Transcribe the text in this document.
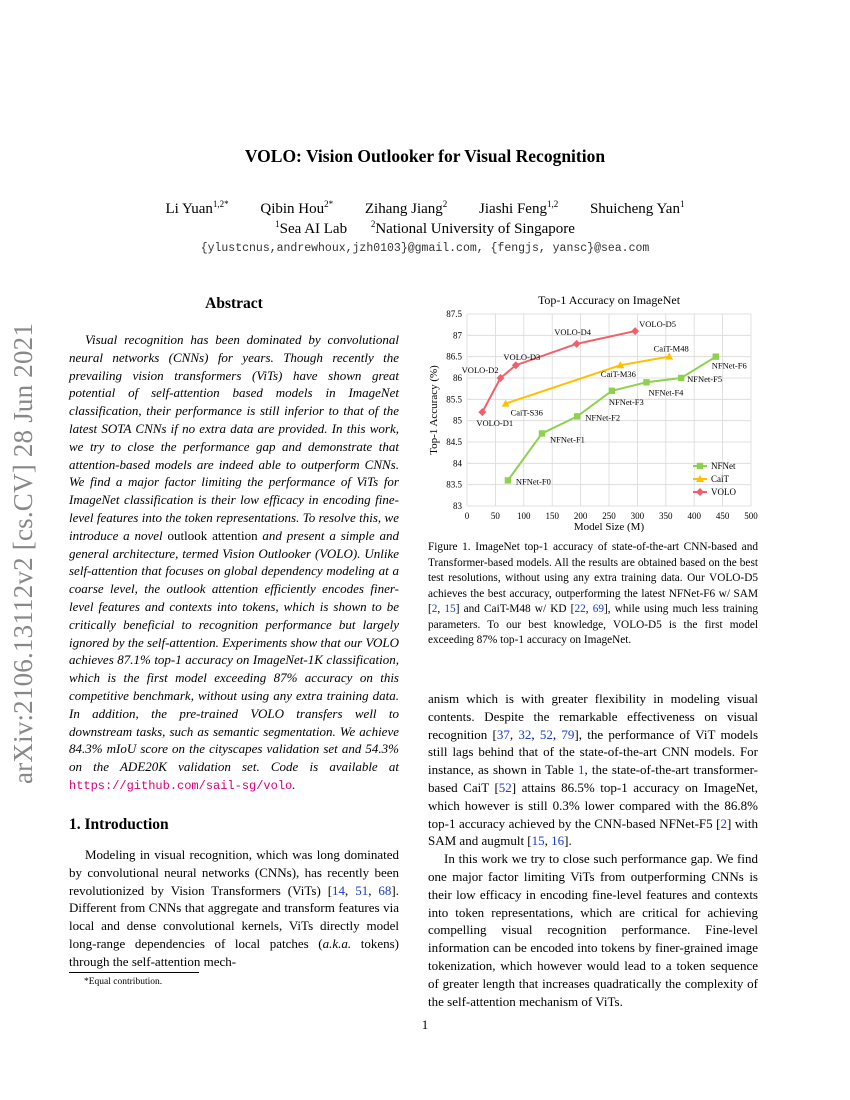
VOLO: Vision Outlooker for Visual Recognition
Li Yuan$^{1,2*}$ Qibin Hou$^{2*}$ Zihang Jiang$^2$ Jiashi Feng$^{1,2}$ Shuicheng Yan$^1$
$^1$Sea AI Lab	$^2$National University of Singapore
{ylustcnus,andrewhoux,jzh0103}@gmail.com, {fengjs, yansc}@sea.com
arXiv:2106.13112v2 [cs.CV] 28 Jun 2021
Abstract

Visual recognition has been dominated by convolutional neural networks (CNNs) for years. Though recently the prevailing vision transformers (ViTs) have shown great potential of self-attention based models in ImageNet classification, their performance is still inferior to that of the latest SOTA CNNs if no extra data are provided. In this work, we try to close the performance gap and demonstrate that attention-based models are indeed able to outperform CNNs. We find a major factor limiting the performance of ViTs for ImageNet classification is their low efficacy in encoding fine-level features into the token representations. To resolve this, we introduce a novel outlook attention and present a simple and general architecture, termed Vision Outlooker (VOLO). Unlike self-attention that focuses on global dependency modeling at a coarse level, the outlook attention efficiently encodes finer-level features and contexts into tokens, which is shown to be critically beneficial to recognition performance but largely ignored by the self-attention. Experiments show that our VOLO achieves 87.1% top-1 accuracy on ImageNet-1K classification, which is the first model exceeding 87% accuracy on this competitive benchmark, without using any extra training data. In addition, the pre-trained VOLO transfers well to downstream tasks, such as semantic segmentation. We achieve 84.3% mIoU score on the cityscapes validation set and 54.3% on the ADE20K validation set. Code is available at https://github.com/sail-sg/volo.

1. Introduction

Modeling in visual recognition, which was long dominated by convolutional neural networks (CNNs), has recently been revolutionized by Vision Transformers (ViTs) [14, 51, 68]. Different from CNNs that aggregate and transform features via local and dense convolutional kernels, ViTs directly model long-range dependencies of local patches (a.k.a. tokens) through the self-attention mech-

*Equal contribution.
Top-1 Accuracy on ImageNet
83
83.5
84
84.5
85
85.5
86
86.5
87
87.5
0 50 100 150 200 250 300 350 400 450 500
Model Size (M)
Top-1 Accuracy (%)
NFNet-F0
NFNet-F1
NFNet-F2
NFNet-F3
NFNet-F4
NFNet-F5
NFNet-F6
CaiT-S36
CaiT-M36
CaiT-M48
VOLO-D1
VOLO-D2
VOLO-D3
VOLO-D4
VOLO-D5
NFNet
CaiT
VOLO
Figure 1. ImageNet top-1 accuracy of state-of-the-art CNN-based and Transformer-based models. All the results are obtained based on the best test resolutions, without using any extra training data. Our VOLO-D5 achieves the best accuracy, outperforming the latest NFNet-F6 w/ SAM [2, 15] and CaiT-M48 w/ KD [22, 69], while using much less training parameters. To our best knowledge, VOLO-D5 is the first model exceeding 87% top-1 accuracy on ImageNet.

anism which is with greater flexibility in modeling visual contents. Despite the remarkable effectiveness on visual recognition [37, 32, 52, 79], the performance of ViT models still lags behind that of the state-of-the-art CNN models. For instance, as shown in Table 1, the state-of-the-art transformer-based CaiT [52] attains 86.5% top-1 accuracy on ImageNet, which however is still 0.3% lower compared with the 86.8% top-1 accuracy achieved by the CNN-based NFNet-F5 [2] with SAM and augmult [15, 16].

In this work we try to close such performance gap. We find one major factor limiting ViTs from outperforming CNNs is their low efficacy in encoding fine-level features and contexts into token representations, which are critical for achieving compelling visual recognition performance. Fine-level information can be encoded into tokens by finer-grained image tokenization, which however would lead to a token sequence of greater length that increases quadratically the complexity of the self-attention mechanism of ViTs.

1
